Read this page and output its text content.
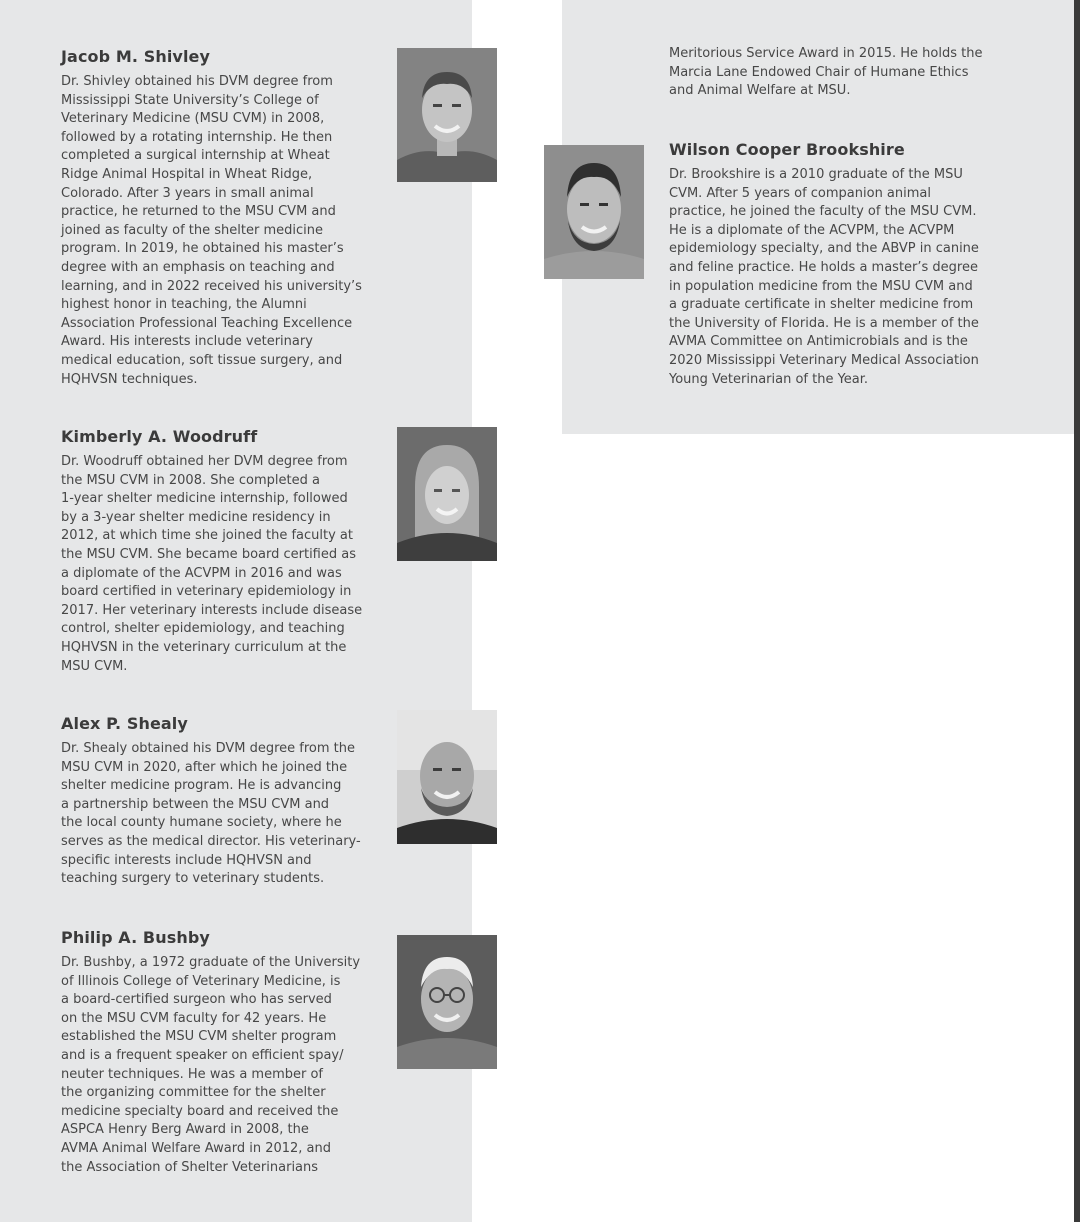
Jacob M. Shivley

Dr. Shivley obtained his DVM degree from
Mississippi State University’s College of
Veterinary Medicine (MSU CVM) in 2008,
followed by a rotating internship. He then
completed a surgical internship at Wheat
Ridge Animal Hospital in Wheat Ridge,
Colorado. After 3 years in small animal
practice, he returned to the MSU CVM and
joined as faculty of the shelter medicine
program. In 2019, he obtained his master’s
degree with an emphasis on teaching and
learning, and in 2022 received his university’s
highest honor in teaching, the Alumni
Association Professional Teaching Excellence
Award. His interests include veterinary
medical education, soft tissue surgery, and
HQHVSN techniques.

Kimberly A. Woodruff

Dr. Woodruff obtained her DVM degree from
the MSU CVM in 2008. She completed a
1-year shelter medicine internship, followed
by a 3-year shelter medicine residency in
2012, at which time she joined the faculty at
the MSU CVM. She became board certified as
a diplomate of the ACVPM in 2016 and was
board certified in veterinary epidemiology in
2017. Her veterinary interests include disease
control, shelter epidemiology, and teaching
HQHVSN in the veterinary curriculum at the
MSU CVM.

Alex P. Shealy

Dr. Shealy obtained his DVM degree from the
MSU CVM in 2020, after which he joined the
shelter medicine program. He is advancing
a partnership between the MSU CVM and
the local county humane society, where he
serves as the medical director. His veterinary-
specific interests include HQHVSN and
teaching surgery to veterinary students.

Philip A. Bushby

Dr. Bushby, a 1972 graduate of the University
of Illinois College of Veterinary Medicine, is
a board-certified surgeon who has served
on the MSU CVM faculty for 42 years. He
established the MSU CVM shelter program
and is a frequent speaker on efficient spay/
neuter techniques. He was a member of
the organizing committee for the shelter
medicine specialty board and received the
ASPCA Henry Berg Award in 2008, the
AVMA Animal Welfare Award in 2012, and
the Association of Shelter Veterinarians

Meritorious Service Award in 2015. He holds the
Marcia Lane Endowed Chair of Humane Ethics
and Animal Welfare at MSU.

Wilson Cooper Brookshire

Dr. Brookshire is a 2010 graduate of the MSU
CVM. After 5 years of companion animal
practice, he joined the faculty of the MSU CVM.
He is a diplomate of the ACVPM, the ACVPM
epidemiology specialty, and the ABVP in canine
and feline practice. He holds a master’s degree
in population medicine from the MSU CVM and
a graduate certificate in shelter medicine from
the University of Florida. He is a member of the
AVMA Committee on Antimicrobials and is the
2020 Mississippi Veterinary Medical Association
Young Veterinarian of the Year.
